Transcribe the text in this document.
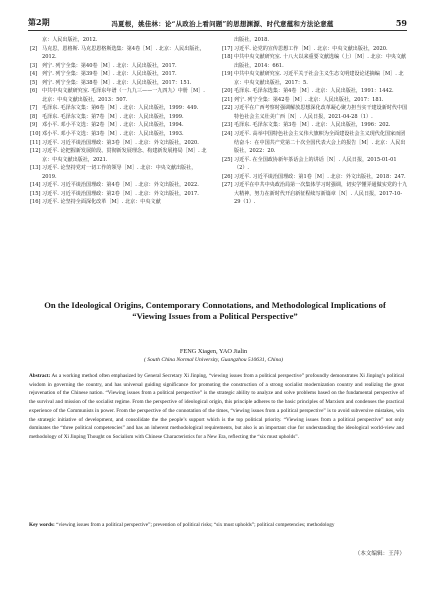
第2期	冯夏根，姚佳林：论“从政治上看问题”的思想渊源、时代意蕴和方法论意蕴	59
京：人民出版社，2012.
[2] 马克思，恩格斯. 马克思恩格斯选集：第4卷［M］. 北京：人民出版社，2012.
[3] 列宁. 列宁全集：第40卷［M］. 北京：人民出版社，2017.
[4] 列宁. 列宁全集：第39卷［M］. 北京：人民出版社，2017.
[5] 列宁. 列宁全集：第38卷［M］. 北京：人民出版社，2017：151.
[6] 中共中央文献研究室. 毛泽东年谱（一九九三——一九四九）中册［M］. 北京：中央文献出版社，2013：507.
[7] 毛泽东. 毛泽东文集：第6卷［M］. 北京：人民出版社，1999：449.
[8] 毛泽东. 毛泽东文集：第7卷［M］. 北京：人民出版社，1999.
[9] 邓小平. 邓小平文选：第2卷［M］. 北京：人民出版社，1994.
[10] 邓小平. 邓小平文选：第3卷［M］. 北京：人民出版社，1993.
[11] 习近平. 习近平谈治国理政：第3卷［M］. 北京：外文出版社，2020.
[12] 习近平. 论把握新发展阶段、贯彻新发展理念、构建新发展格局［M］. 北京：中央文献出版社，2021.
[13] 习近平. 论坚持党对一切工作的领导［M］. 北京：中央文献出版社，2019.
[14] 习近平. 习近平谈治国理政：第4卷［M］. 北京：外文出版社，2022.
[15] 习近平. 习近平谈治国理政：第2卷［M］. 北京：外文出版社，2017.
[16] 习近平. 论坚持全面深化改革［M］. 北京：中央文献
出版社，2018.
[17] 习近平. 论党的宣传思想工作［M］. 北京：中央文献出版社，2020.
[18] 中共中央文献研究室. 十八大以来重要文献选编（上）［M］. 北京：中央文献出版社，2014：661.
[19] 中共中央文献研究室. 习近平关于社会主义生态文明建设论述摘编［M］. 北京：中央文献出版社，2017：5.
[20] 毛泽东. 毛泽东选集：第4卷［M］. 北京：人民出版社，1991：1442.
[21] 列宁. 列宁全集：第42卷［M］. 北京：人民出版社，2017：181.
[22] 习近平在广西考察时强调解放思想深化改革凝心聚力担当实干建设新时代中国特色社会主义壮美广西［N］. 人民日报，2021-04-28（1）.
[23] 毛泽东. 毛泽东文集：第3卷［M］. 北京：人民出版社，1996：202.
[24] 习近平. 高举中国特色社会主义伟大旗帜为全面建设社会主义现代化国家而团结奋斗：在中国共产党第二十次全国代表大会上的报告［M］. 北京：人民出版社，2022：20.
[25] 习近平. 在全国政协新年茶话会上的讲话［N］. 人民日报，2015-01-01（2）.
[26] 习近平. 习近平谈治国理政：第1卷［M］. 北京：外文出版社，2018：247.
[27] 习近平在中共中央政治局第一次集体学习时强调，切实学懂弄通做实党的十九大精神，努力在新时代开启新征程续写新篇章［N］. 人民日报，2017-10-29（1）.
On the Ideological Origins, Contemporary Connotations, and Methodological Implications of “Viewing Issues from a Political Perspective”
FENG Xiagen, YAO Jialin
( South China Normal University, Guangzhou 510631, China)
Abstract: As a working method often emphasized by General Secretary Xi Jinping, “viewing issues from a political perspective” profoundly demonstrates Xi Jinping’s political wisdom in governing the country, and has universal guiding significance for promoting the construction of a strong socialist modernization country and realizing the great rejuvenation of the Chinese nation. “Viewing issues from a political perspective” is the strategic ability to analyze and solve problems based on the fundamental perspective of the survival and mission of the socialist regime. From the perspective of ideological origin, this principle adheres to the basic principles of Marxism and condenses the practical experience of the Communists in power. From the perspective of the connotation of the times, “viewing issues from a political perspective” is to avoid subversive mistakes, win the strategic initiative of development, and consolidate the the people’s support which is the top political priority. “Viewing issues from a political perspective” not only dominates the “three political competencies” and has an inherent methodological requirements, but also is an important clue for understanding the ideological world-view and methodology of Xi Jinping Thought on Socialism with Chinese Characteristics for a New Era, reflecting the “six must upholds”.
Key words: “viewing issues from a political perspective”; prevention of political risks; “six must upholds”; political competencies; methodology
（本文编辑：王萍）
